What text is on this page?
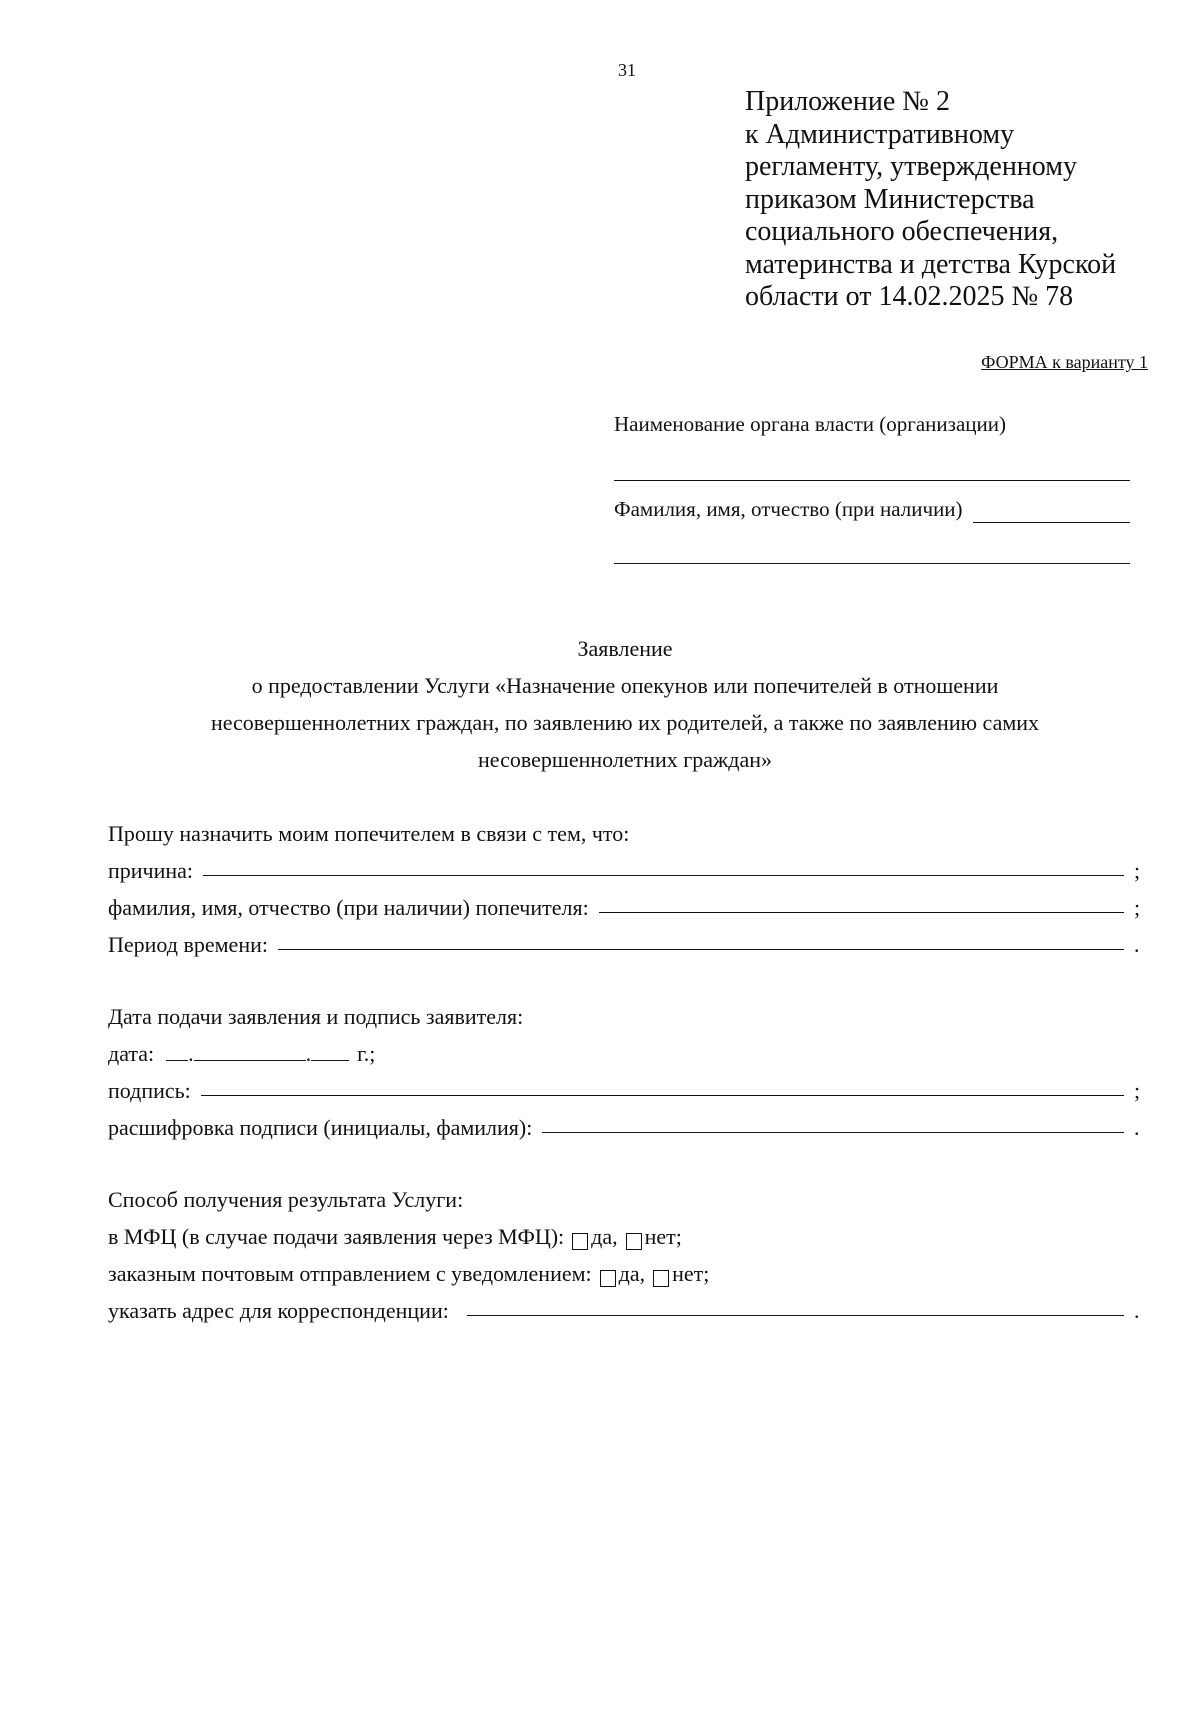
31
Приложение № 2
к Административному
регламенту, утвержденному
приказом Министерства
социального обеспечения,
материнства и детства Курской
области от 14.02.2025 № 78
ФОРМА к варианту 1
Наименование органа власти (организации)
Фамилия, имя, отчество (при наличии)
Заявление
о предоставлении Услуги «Назначение опекунов или попечителей в отношении
несовершеннолетних граждан, по заявлению их родителей, а также по заявлению самих
несовершеннолетних граждан»
Прошу назначить моим попечителем в связи с тем, что:
причина:	;
фамилия, имя, отчество (при наличии) попечителя:	;
Период времени:	.
Дата подачи заявления и подпись заявителя:
дата:	.	.	г.;
подпись:	;
расшифровка подписи (инициалы, фамилия):	.
Способ получения результата Услуги:
в МФЦ (в случае подачи заявления через МФЦ): да, нет;
заказным почтовым отправлением с уведомлением: да, нет;
указать адрес для корреспонденции:	.
